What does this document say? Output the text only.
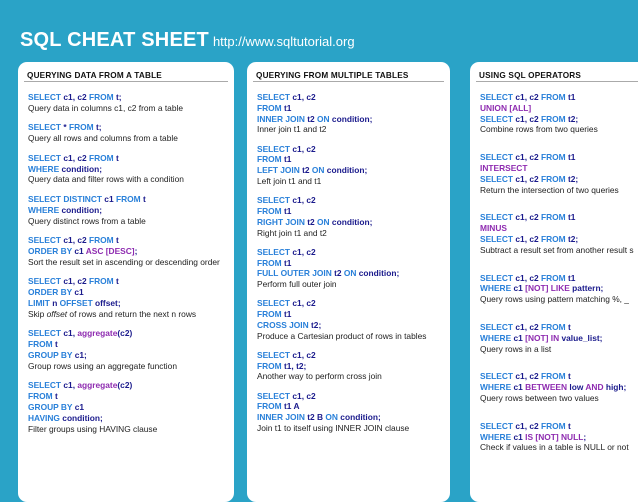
SQL CHEAT SHEET http://www.sqltutorial.org
QUERYING DATA FROM A TABLE
SELECT c1, c2 FROM t;
Query data in columns c1, c2 from a table
SELECT * FROM t;
Query all rows and columns from a table
SELECT c1, c2 FROM t
WHERE condition;
Query data and filter rows with a condition
SELECT DISTINCT c1 FROM t
WHERE condition;
Query distinct rows from a table
SELECT c1, c2 FROM t
ORDER BY c1 ASC [DESC];
Sort the result set in ascending or descending order
SELECT c1, c2 FROM t
ORDER BY c1
LIMIT n OFFSET offset;
Skip offset of rows and return the next n rows
SELECT c1, aggregate(c2)
FROM t
GROUP BY c1;
Group rows using an aggregate function
SELECT c1, aggregate(c2)
FROM t
GROUP BY c1
HAVING condition;
Filter groups using HAVING clause
QUERYING FROM MULTIPLE TABLES
SELECT c1, c2
FROM t1
INNER JOIN t2 ON condition;
Inner join t1 and t2
SELECT c1, c2
FROM t1
LEFT JOIN t2 ON condition;
Left join t1 and t1
SELECT c1, c2
FROM t1
RIGHT JOIN t2 ON condition;
Right join t1 and t2
SELECT c1, c2
FROM t1
FULL OUTER JOIN t2 ON condition;
Perform full outer join
SELECT c1, c2
FROM t1
CROSS JOIN t2;
Produce a Cartesian product of rows in tables
SELECT c1, c2
FROM t1, t2;
Another way to perform cross join
SELECT c1, c2
FROM t1 A
INNER JOIN t2 B ON condition;
Join t1 to itself using INNER JOIN clause
USING SQL OPERATORS
SELECT c1, c2 FROM t1
UNION [ALL]
SELECT c1, c2 FROM t2;
Combine rows from two queries
SELECT c1, c2 FROM t1
INTERSECT
SELECT c1, c2 FROM t2;
Return the intersection of two queries
SELECT c1, c2 FROM t1
MINUS
SELECT c1, c2 FROM t2;
Subtract a result set from another result s
SELECT c1, c2 FROM t1
WHERE c1 [NOT] LIKE pattern;
Query rows using pattern matching %, _
SELECT c1, c2 FROM t
WHERE c1 [NOT] IN value_list;
Query rows in a list
SELECT c1, c2 FROM t
WHERE c1 BETWEEN low AND high;
Query rows between two values
SELECT c1, c2 FROM t
WHERE c1 IS [NOT] NULL;
Check if values in a table is NULL or not
